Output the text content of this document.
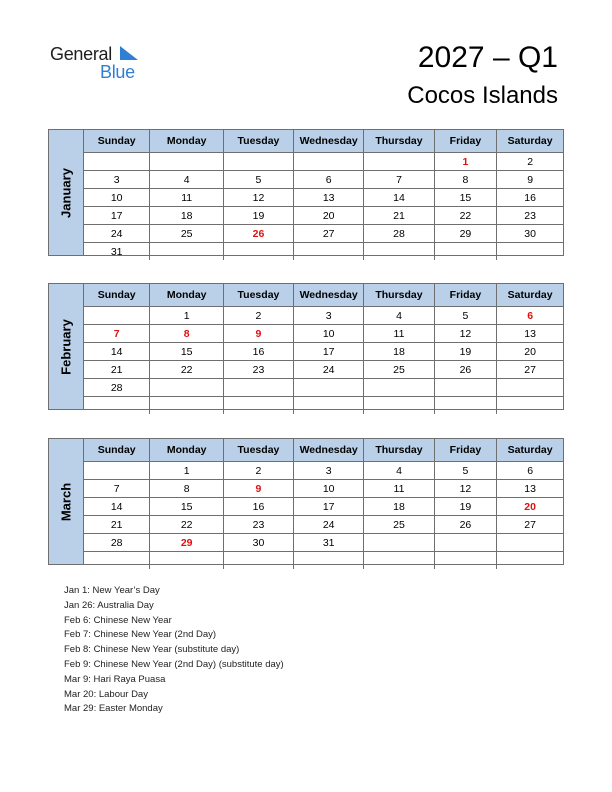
General
Blue	2027 – Q1
Cocos Islands
January
Sunday	Monday	Tuesday	Wednesday	Thursday	Friday	Saturday
					1	2
3	4	5	6	7	8	9
10	11	12	13	14	15	16
17	18	19	20	21	22	23
24	25	26	27	28	29	30
31						
February
Sunday	Monday	Tuesday	Wednesday	Thursday	Friday	Saturday
	1	2	3	4	5	6
7	8	9	10	11	12	13
14	15	16	17	18	19	20
21	22	23	24	25	26	27
28						

March
Sunday	Monday	Tuesday	Wednesday	Thursday	Friday	Saturday
	1	2	3	4	5	6
7	8	9	10	11	12	13
14	15	16	17	18	19	20
21	22	23	24	25	26	27
28	29	30	31			

Jan 1: New Year’s Day
Jan 26: Australia Day
Feb 6: Chinese New Year
Feb 7: Chinese New Year (2nd Day)
Feb 8: Chinese New Year (substitute day)
Feb 9: Chinese New Year (2nd Day) (substitute day)
Mar 9: Hari Raya Puasa
Mar 20: Labour Day
Mar 29: Easter Monday
